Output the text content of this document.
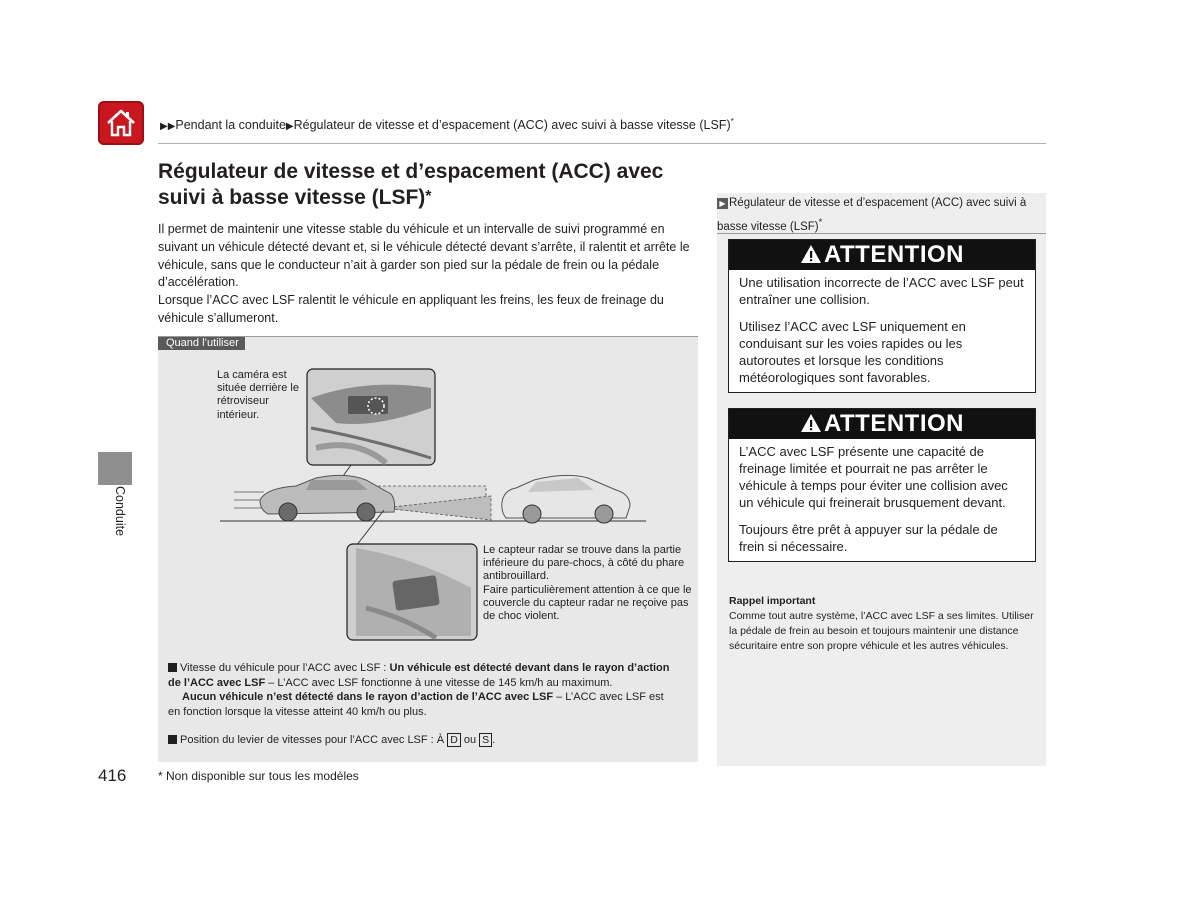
▶▶Pendant la conduite▶Régulateur de vitesse et d’espacement (ACC) avec suivi à basse vitesse (LSF)*
Régulateur de vitesse et d’espacement (ACC) avec
suivi à basse vitesse (LSF)*

Il permet de maintenir une vitesse stable du véhicule et un intervalle de suivi programmé en suivant un véhicule détecté devant et, si le véhicule détecté devant s’arrête, il ralentit et arrête le véhicule, sans que le conducteur n’ait à garder son pied sur la pédale de frein ou la pédale d’accélération.

Lorsque l’ACC avec LSF ralentit le véhicule en appliquant les freins, les feux de freinage du véhicule s’allumeront.

Quand l’utiliser
La caméra est située derrière le rétroviseur intérieur.
Le capteur radar se trouve dans la partie inférieure du pare-chocs, à côté du phare antibrouillard.
Faire particulièrement attention à ce que le couvercle du capteur radar ne reçoive pas de choc violent.
Vitesse du véhicule pour l’ACC avec LSF : Un véhicule est détecté devant dans le rayon d’action de l’ACC avec LSF – L’ACC avec LSF fonctionne à une vitesse de 145 km/h au maximum.
Aucun véhicule n’est détecté dans le rayon d’action de l’ACC avec LSF – L’ACC avec LSF est en fonction lorsque la vitesse atteint 40 km/h ou plus.
Position du levier de vitesses pour l’ACC avec LSF : À D ou S .
▶ Régulateur de vitesse et d’espacement (ACC) avec suivi à basse vitesse (LSF)*
ATTENTION

Une utilisation incorrecte de l’ACC avec LSF peut entraîner une collision.

Utilisez l’ACC avec LSF uniquement en conduisant sur les voies rapides ou les autoroutes et lorsque les conditions météorologiques sont favorables.

ATTENTION

L’ACC avec LSF présente une capacité de freinage limitée et pourrait ne pas arrêter le véhicule à temps pour éviter une collision avec un véhicule qui freinerait brusquement devant.

Toujours être prêt à appuyer sur la pédale de frein si nécessaire.

Rappel important
Comme tout autre système, l’ACC avec LSF a ses limites. Utiliser la pédale de frein au besoin et toujours maintenir une distance sécuritaire entre son propre véhicule et les autres véhicules.
Conduite
416	* Non disponible sur tous les modèles
